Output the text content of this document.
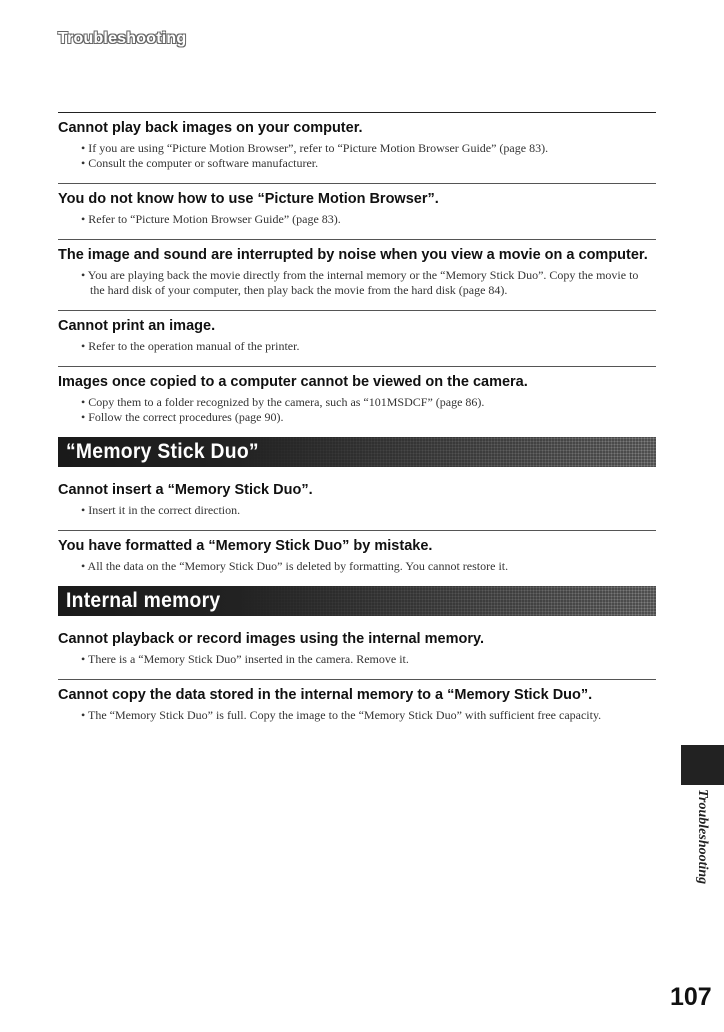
Troubleshooting

Cannot play back images on your computer.

• If you are using “Picture Motion Browser”, refer to “Picture Motion Browser Guide” (page 83).

• Consult the computer or software manufacturer.

You do not know how to use “Picture Motion Browser”.

• Refer to “Picture Motion Browser Guide” (page 83).

The image and sound are interrupted by noise when you view a movie on a computer.

• You are playing back the movie directly from the internal memory or the “Memory Stick Duo”. Copy the movie to the hard disk of your computer, then play back the movie from the hard disk (page 84).

Cannot print an image.

• Refer to the operation manual of the printer.

Images once copied to a computer cannot be viewed on the camera.

• Copy them to a folder recognized by the camera, such as “101MSDCF” (page 86).

• Follow the correct procedures (page 90).

“Memory Stick Duo”

Cannot insert a “Memory Stick Duo”.

• Insert it in the correct direction.

You have formatted a “Memory Stick Duo” by mistake.

• All the data on the “Memory Stick Duo” is deleted by formatting. You cannot restore it.

Internal memory

Cannot playback or record images using the internal memory.

• There is a “Memory Stick Duo” inserted in the camera. Remove it.

Cannot copy the data stored in the internal memory to a “Memory Stick Duo”.

• The “Memory Stick Duo” is full. Copy the image to the “Memory Stick Duo” with sufficient free capacity.

Troubleshooting
107
